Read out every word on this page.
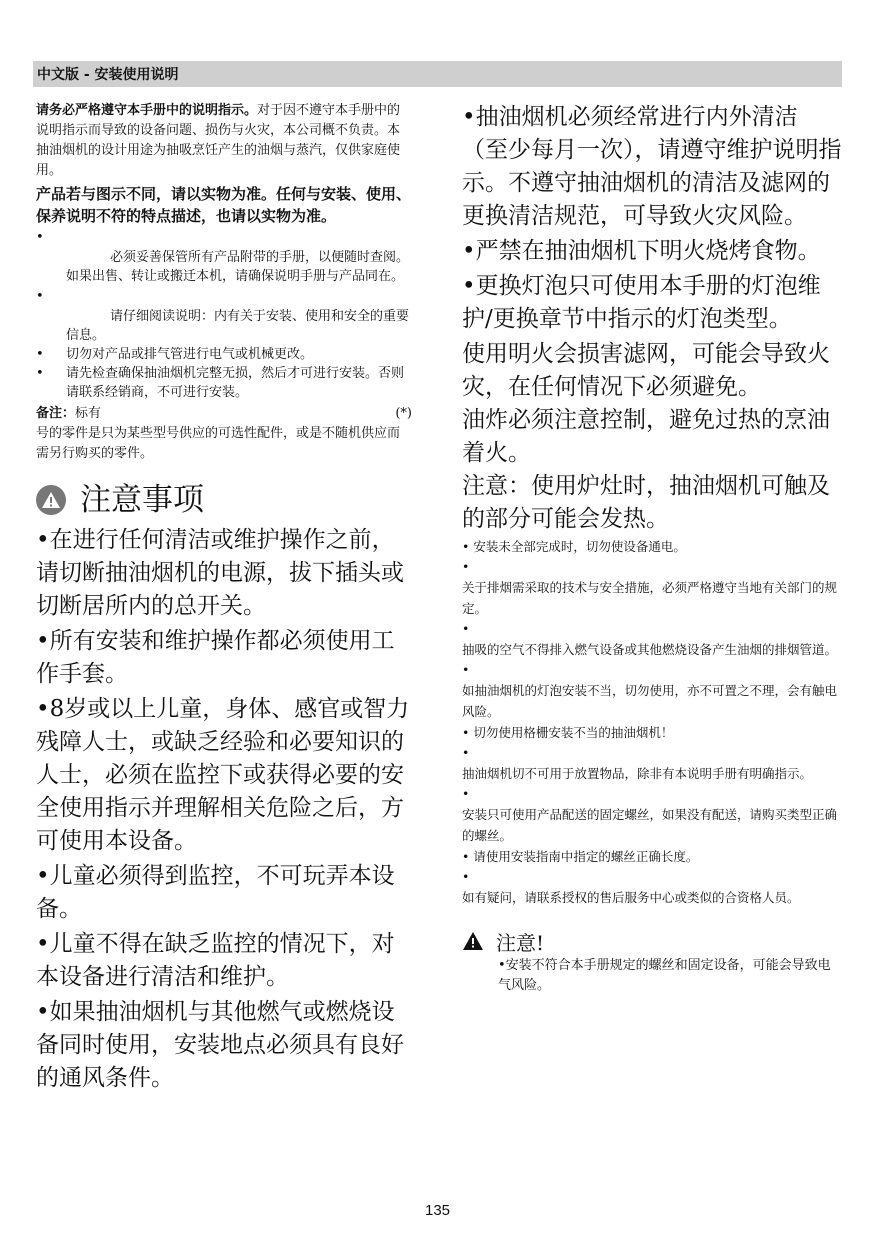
中文版 - 安装使用说明

请务必严格遵守本手册中的说明指示。对于因不遵守本手册中的说明指示而导致的设备问题、损伤与火灾，本公司概不负责。本抽油烟机的设计用途为抽吸烹饪产生的油烟与蒸汽，仅供家庭使用。

产品若与图示不同，请以实物为准。任何与安装、使用、保养说明不符的特点描述，也请以实物为准。

•

必须妥善保管所有产品附带的手册，以便随时查阅。如果出售、转让或搬迁本机，请确保说明手册与产品同在。

•

请仔细阅读说明：内有关于安装、使用和安全的重要信息。

• 切勿对产品或排气管进行电气或机械更改。
• 请先检查确保抽油烟机完整无损，然后才可进行安装。否则请联系经销商，不可进行安装。
备注：标有	(*)

号的零件是只为某些型号供应的可选性配件，或是不随机供应而需另行购买的零件。

注意事项

•在进行任何清洁或维护操作之前，请切断抽油烟机的电源，拔下插头或切断居所内的总开关。

•所有安装和维护操作都必须使用工作手套。

•8岁或以上儿童，身体、感官或智力残障人士，或缺乏经验和必要知识的人士，必须在监控下或获得必要的安全使用指示并理解相关危险之后，方可使用本设备。

•儿童必须得到监控，不可玩弄本设备。

•儿童不得在缺乏监控的情况下，对本设备进行清洁和维护。

•如果抽油烟机与其他燃气或燃烧设备同时使用，安装地点必须具有良好的通风条件。

•抽油烟机必须经常进行内外清洁（至少每月一次），请遵守维护说明指示。不遵守抽油烟机的清洁及滤网的更换清洁规范，可导致火灾风险。

•严禁在抽油烟机下明火烧烤食物。

•更换灯泡只可使用本手册的灯泡维护/更换章节中指示的灯泡类型。

使用明火会损害滤网，可能会导致火灾，在任何情况下必须避免。

油炸必须注意控制，避免过热的烹油着火。

注意：使用炉灶时，抽油烟机可触及的部分可能会发热。

• 安装未全部完成时，切勿使设备通电。

•

关于排烟需采取的技术与安全措施，必须严格遵守当地有关部门的规定。

•

抽吸的空气不得排入燃气设备或其他燃烧设备产生油烟的排烟管道。

•

如抽油烟机的灯泡安装不当，切勿使用，亦不可置之不理，会有触电风险。

• 切勿使用格栅安装不当的抽油烟机！

•

抽油烟机切不可用于放置物品，除非有本说明手册有明确指示。

•

安装只可使用产品配送的固定螺丝，如果没有配送，请购买类型正确的螺丝。

• 请使用安装指南中指定的螺丝正确长度。

•

如有疑问，请联系授权的售后服务中心或类似的合资格人员。

注意!

•安装不符合本手册规定的螺丝和固定设备，可能会导致电气风险。

135
